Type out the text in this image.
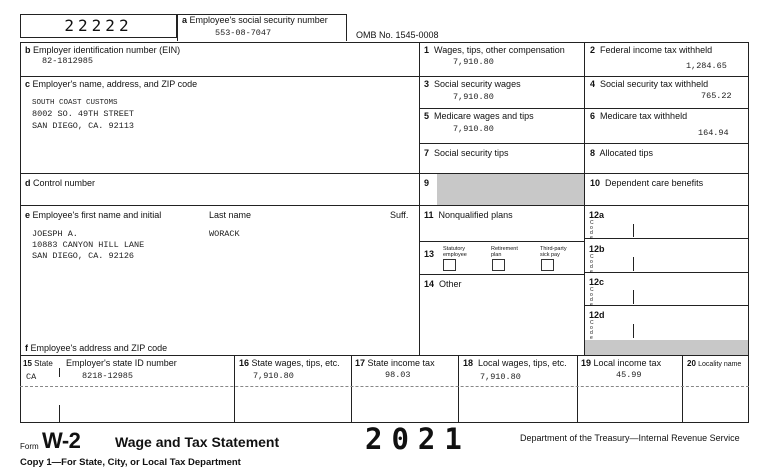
22222	a Employee's social security number
553-08-7047	OMB No. 1545-0008
b Employer identification number (EIN)
82-1812985
c Employer's name, address, and ZIP code
SOUTH COAST CUSTOMS
8002 SO. 49TH STREET
SAN DIEGO, CA. 92113
d Control number
e Employee's first name and initial	Last name	Suff.
JOESPH A.	WORACK
10883 CANYON HILL LANE
SAN DIEGO, CA. 92126
f Employee's address and ZIP code
1 Wages, tips, other compensation
7,910.80
2 Federal income tax withheld
1,284.65
3 Social security wages
7,910.80
4 Social security tax withheld
765.22
5 Medicare wages and tips
7,910.80
6 Medicare tax withheld
164.94
7 Social security tips	8 Allocated tips
9	10 Dependent care benefits
11 Nonqualified plans	12a
Code
12b
Code
12c
Code
12d
Code
13 Statutory employee
Retirement plan
Third-party sick pay
14 Other
15 State Employer's state ID number
CA	8218-12985
16 State wages, tips, etc.
7,910.80
17 State income tax
98.03
18 Local wages, tips, etc.
7,910.80
19 Local income tax
45.99
20 Locality name
Form W-2 Wage and Tax Statement	2021	Department of the Treasury—Internal Revenue Service
Copy 1—For State, City, or Local Tax Department
